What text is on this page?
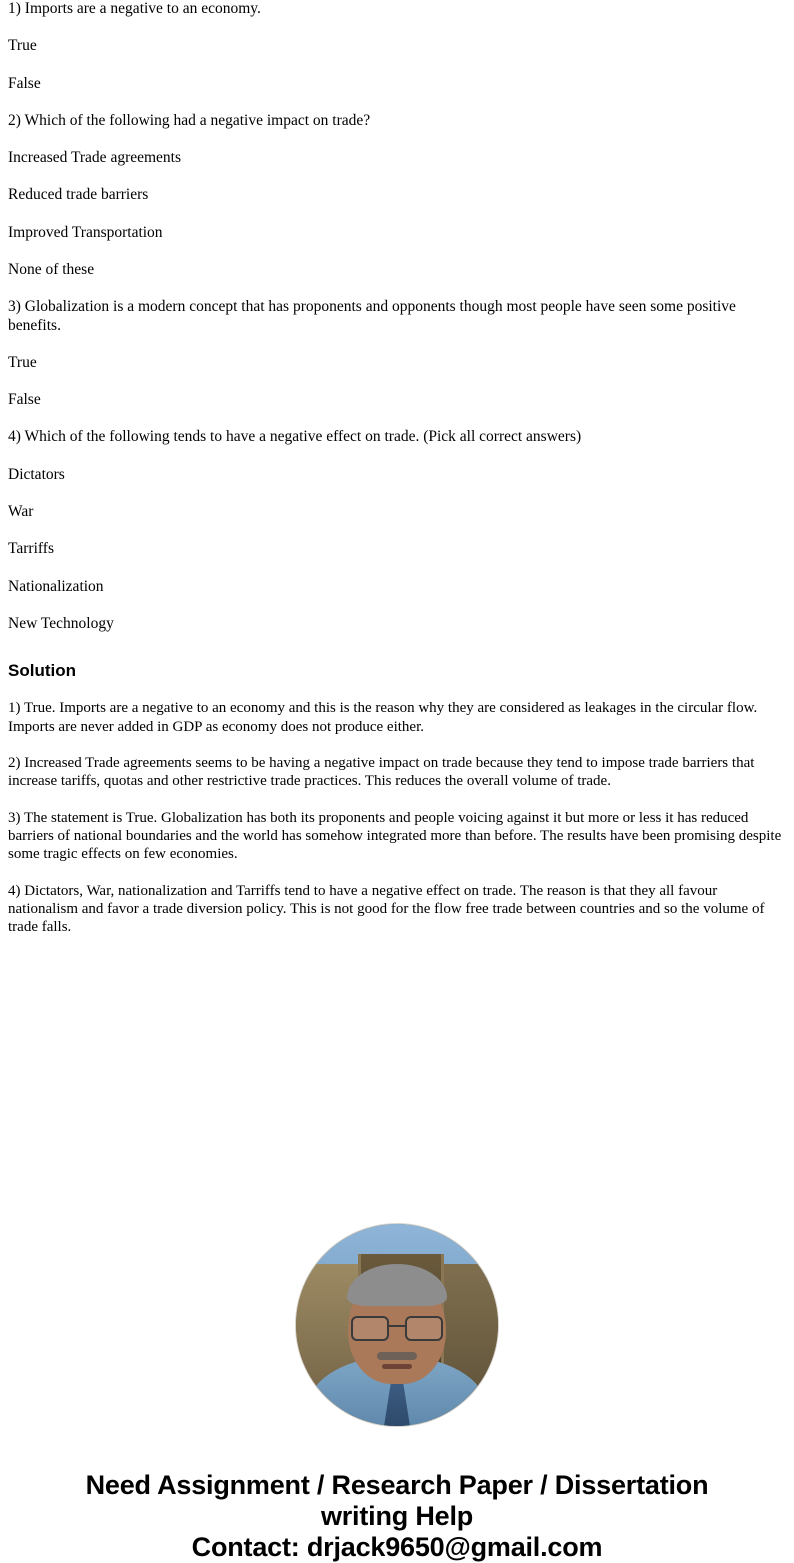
1) Imports are a negative to an economy.

True

False

2) Which of the following had a negative impact on trade?

Increased Trade agreements

Reduced trade barriers

Improved Transportation

None of these

3) Globalization is a modern concept that has proponents and opponents though most people have seen some positive benefits.

True

False

4) Which of the following tends to have a negative effect on trade. (Pick all correct answers)

Dictators

War

Tarriffs

Nationalization

New Technology

Solution

1) True. Imports are a negative to an economy and this is the reason why they are considered as leakages in the circular flow. Imports are never added in GDP as economy does not produce either.

2) Increased Trade agreements seems to be having a negative impact on trade because they tend to impose trade barriers that increase tariffs, quotas and other restrictive trade practices. This reduces the overall volume of trade.

3) The statement is True. Globalization has both its proponents and people voicing against it but more or less it has reduced barriers of national boundaries and the world has somehow integrated more than before. The results have been promising despite some tragic effects on few economies.

4) Dictators, War, nationalization and Tarriffs tend to have a negative effect on trade. The reason is that they all favour nationalism and favor a trade diversion policy. This is not good for the flow free trade between countries and so the volume of trade falls.

Need Assignment / Research Paper / Dissertation
writing Help
Contact: drjack9650@gmail.com
